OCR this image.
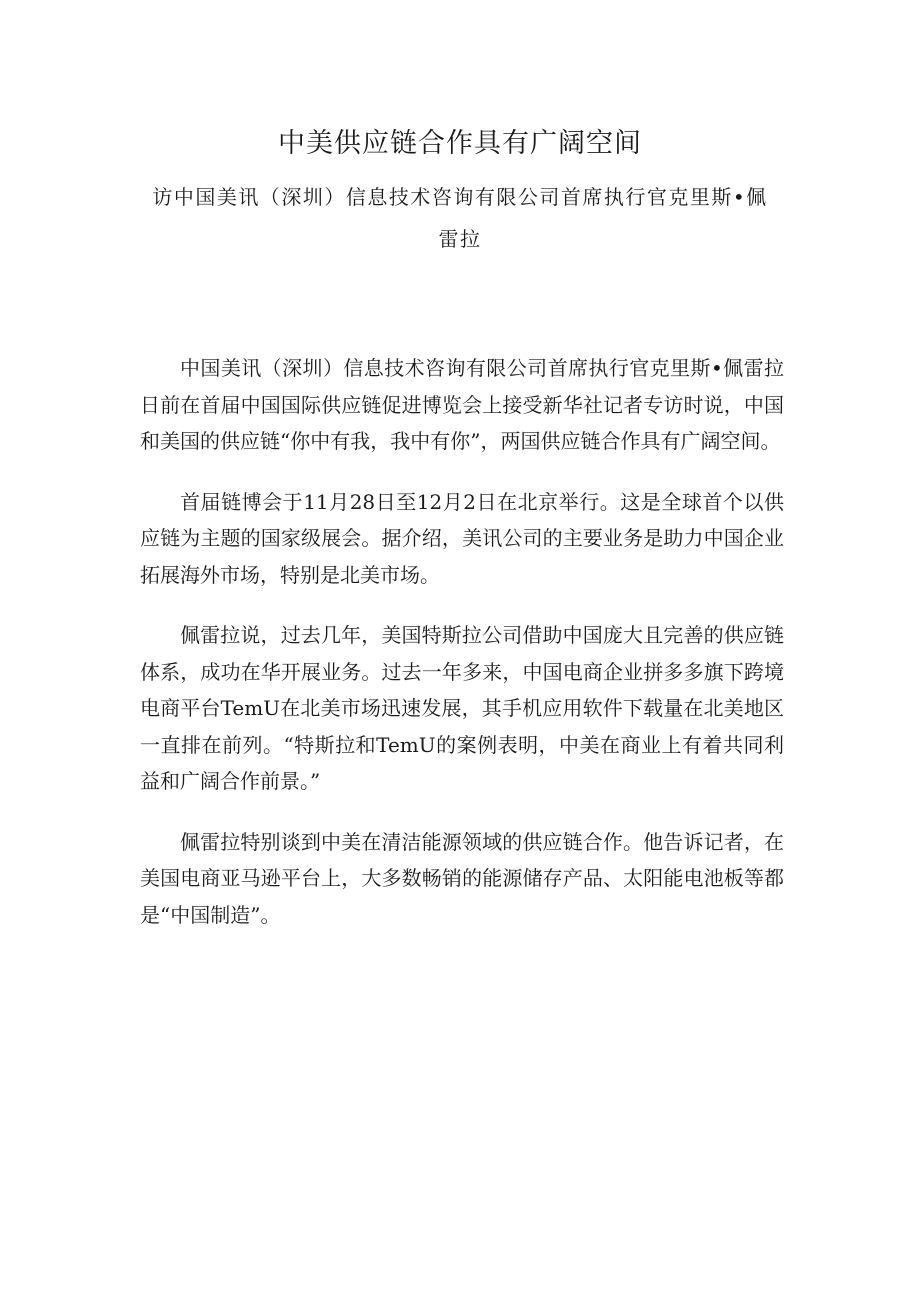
中美供应链合作具有广阔空间
访中国美讯（深圳）信息技术咨询有限公司首席执行官克里斯•佩雷拉

中国美讯（深圳）信息技术咨询有限公司首席执行官克里斯•佩雷拉日前在首届中国国际供应链促进博览会上接受新华社记者专访时说，中国和美国的供应链“你中有我，我中有你”，两国供应链合作具有广阔空间。

首届链博会于11月28日至12月2日在北京举行。这是全球首个以供应链为主题的国家级展会。据介绍，美讯公司的主要业务是助力中国企业拓展海外市场，特别是北美市场。

佩雷拉说，过去几年，美国特斯拉公司借助中国庞大且完善的供应链体系，成功在华开展业务。过去一年多来，中国电商企业拼多多旗下跨境电商平台TemU在北美市场迅速发展，其手机应用软件下载量在北美地区一直排在前列。“特斯拉和TemU的案例表明，中美在商业上有着共同利益和广阔合作前景。”

佩雷拉特别谈到中美在清洁能源领域的供应链合作。他告诉记者，在美国电商亚马逊平台上，大多数畅销的能源储存产品、太阳能电池板等都是“中国制造”。
